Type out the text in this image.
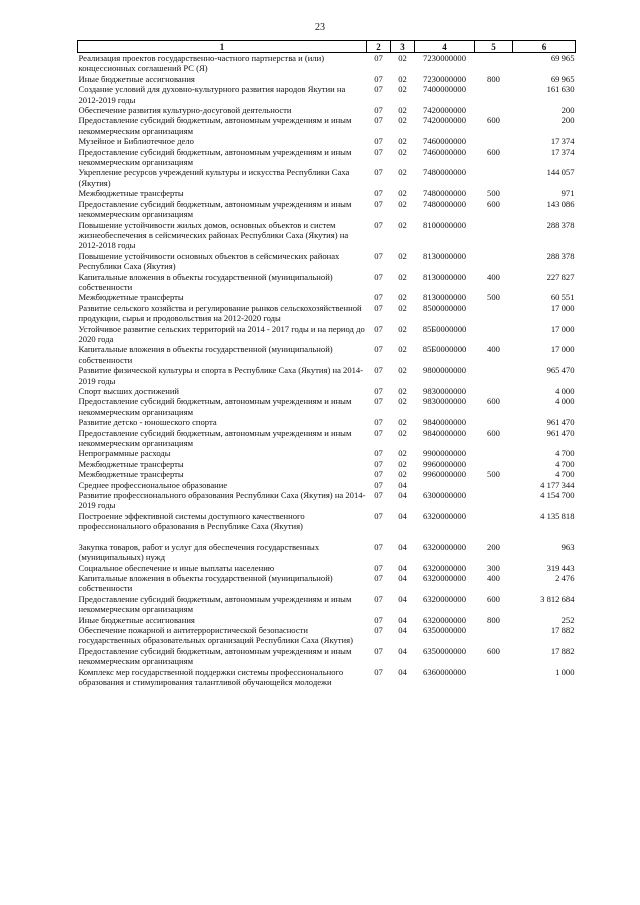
23
1	2	3	4	5	6
Реализация проектов государственно-частного партнерства и (или) концессионных соглашений РС (Я)	07	02	7230000000		69 965
Иные бюджетные ассигнования	07	02	7230000000	800	69 965
Создание условий для духовно-культурного развития народов Якутии на 2012-2019 годы	07	02	7400000000		161 630
Обеспечение развития культурно-досуговой деятельности	07	02	7420000000		200
Предоставление субсидий бюджетным, автономным учреждениям и иным некоммерческим организациям	07	02	7420000000	600	200
Музейное и Библиотечное дело	07	02	7460000000		17 374
Предоставление субсидий бюджетным, автономным учреждениям и иным некоммерческим организациям	07	02	7460000000	600	17 374
Укрепление ресурсов учреждений культуры и искусства Республики Саха (Якутия)	07	02	7480000000		144 057
Межбюджетные трансферты	07	02	7480000000	500	971
Предоставление субсидий бюджетным, автономным учреждениям и иным некоммерческим организациям	07	02	7480000000	600	143 086
Повышение устойчивости жилых домов, основных объектов и систем жизнеобеспечения в сейсмических районах Республики Саха (Якутия) на 2012-2018 годы	07	02	8100000000		288 378
Повышение устойчивости основных объектов в сейсмических районах Республики Саха (Якутия)	07	02	8130000000		288 378
Капитальные вложения в объекты государственной (муниципальной) собственности	07	02	8130000000	400	227 827
Межбюджетные трансферты	07	02	8130000000	500	60 551
Развитие сельского хозяйства и регулирование рынков сельскохозяйственной продукции, сырья и продовольствия на 2012-2020 годы	07	02	8500000000		17 000
Устойчивое развитие сельских территорий на 2014 - 2017 годы и на период до 2020 года	07	02	85Б0000000		17 000
Капитальные вложения в объекты государственной (муниципальной) собственности	07	02	85Б0000000	400	17 000
Развитие физической культуры и спорта в Республике Саха (Якутия) на 2014-2019 годы	07	02	9800000000		965 470
Спорт высших достижений	07	02	9830000000		4 000
Предоставление субсидий бюджетным, автономным учреждениям и иным некоммерческим организациям	07	02	9830000000	600	4 000
Развитие детско - юношеского спорта	07	02	9840000000		961 470
Предоставление субсидий бюджетным, автономным учреждениям и иным некоммерческим организациям	07	02	9840000000	600	961 470
Непрограммные расходы	07	02	9900000000		4 700
Межбюджетные трансферты	07	02	9960000000		4 700
Межбюджетные трансферты	07	02	9960000000	500	4 700
Среднее профессиональное образование	07	04			4 177 344
Развитие профессионального образования Республики Саха (Якутия) на 2014-2019 годы	07	04	6300000000		4 154 700
Построение эффективной системы доступного качественного профессионального образования в Республике Саха (Якутия)	07	04	6320000000		4 135 818

Закупка товаров, работ и услуг для обеспечения государственных (муниципальных) нужд	07	04	6320000000	200	963
Социальное обеспечение и иные выплаты населению	07	04	6320000000	300	319 443
Капитальные вложения в объекты государственной (муниципальной) собственности	07	04	6320000000	400	2 476
Предоставление субсидий бюджетным, автономным учреждениям и иным некоммерческим организациям	07	04	6320000000	600	3 812 684
Иные бюджетные ассигнования	07	04	6320000000	800	252
Обеспечение пожарной и антитеррористической безопасности государственных образовательных организаций Республики Саха (Якутия)	07	04	6350000000		17 882
Предоставление субсидий бюджетным, автономным учреждениям и иным некоммерческим организациям	07	04	6350000000	600	17 882
Комплекс мер государственной поддержки системы профессионального образования и стимулирования талантливой обучающейся молодежи	07	04	6360000000		1 000
